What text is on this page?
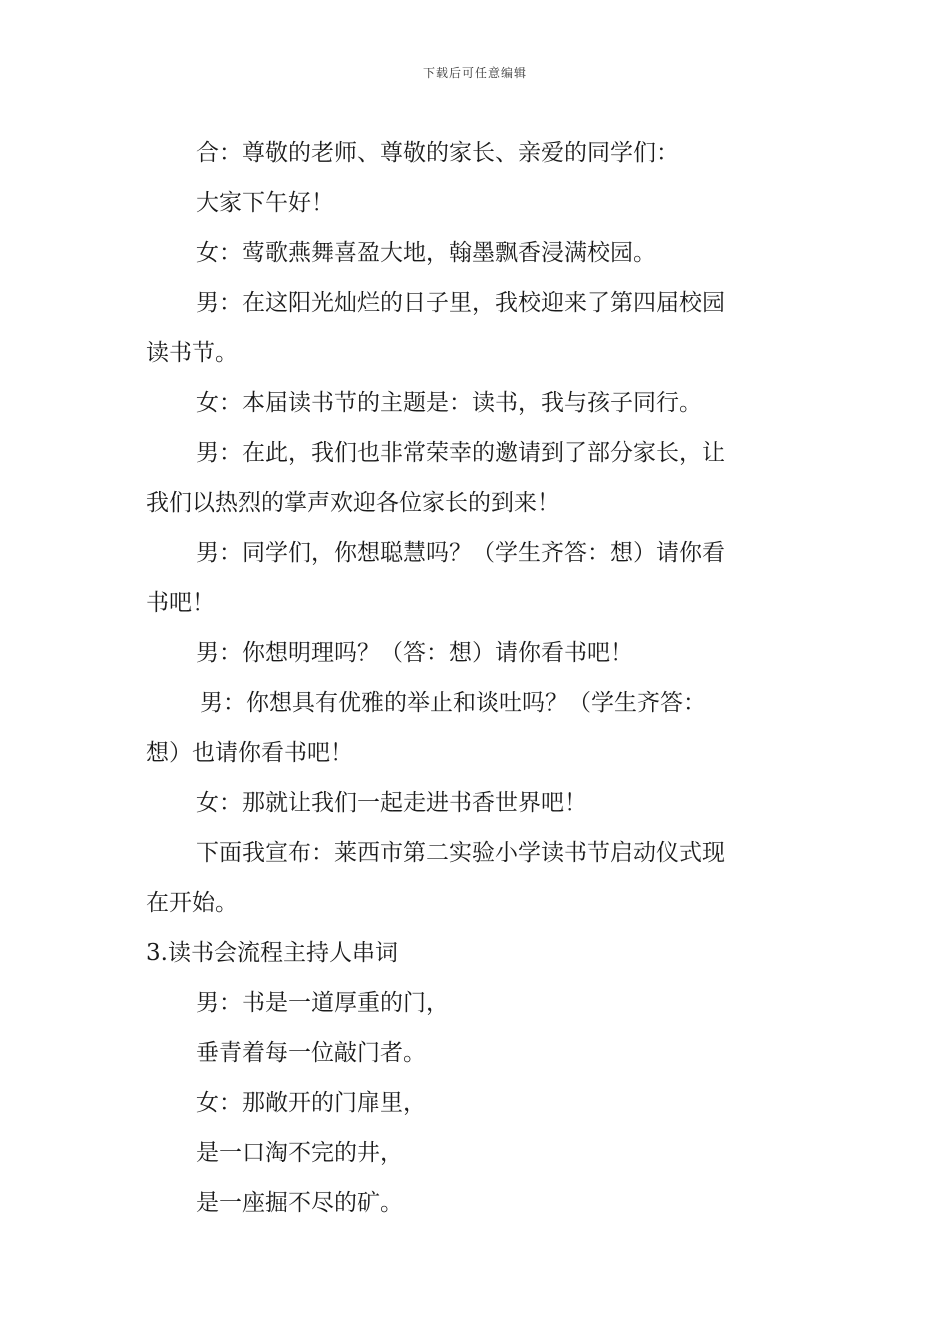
下载后可任意编辑
合：尊敬的老师、尊敬的家长、亲爱的同学们：
大家下午好！
女：莺歌燕舞喜盈大地，翰墨飘香浸满校园。
男：在这阳光灿烂的日子里，我校迎来了第四届校园
读书节。
女：本届读书节的主题是：读书，我与孩子同行。
男：在此，我们也非常荣幸的邀请到了部分家长，让
我们以热烈的掌声欢迎各位家长的到来！
男：同学们，你想聪慧吗？（学生齐答：想）请你看
书吧！
男：你想明理吗？（答：想）请你看书吧！
男：你想具有优雅的举止和谈吐吗？（学生齐答：
想）也请你看书吧！
女：那就让我们一起走进书香世界吧！
下面我宣布：莱西市第二实验小学读书节启动仪式现
在开始。
3.读书会流程主持人串词
男：书是一道厚重的门，
垂青着每一位敲门者。
女：那敞开的门扉里，
是一口淘不完的井，
是一座掘不尽的矿。
